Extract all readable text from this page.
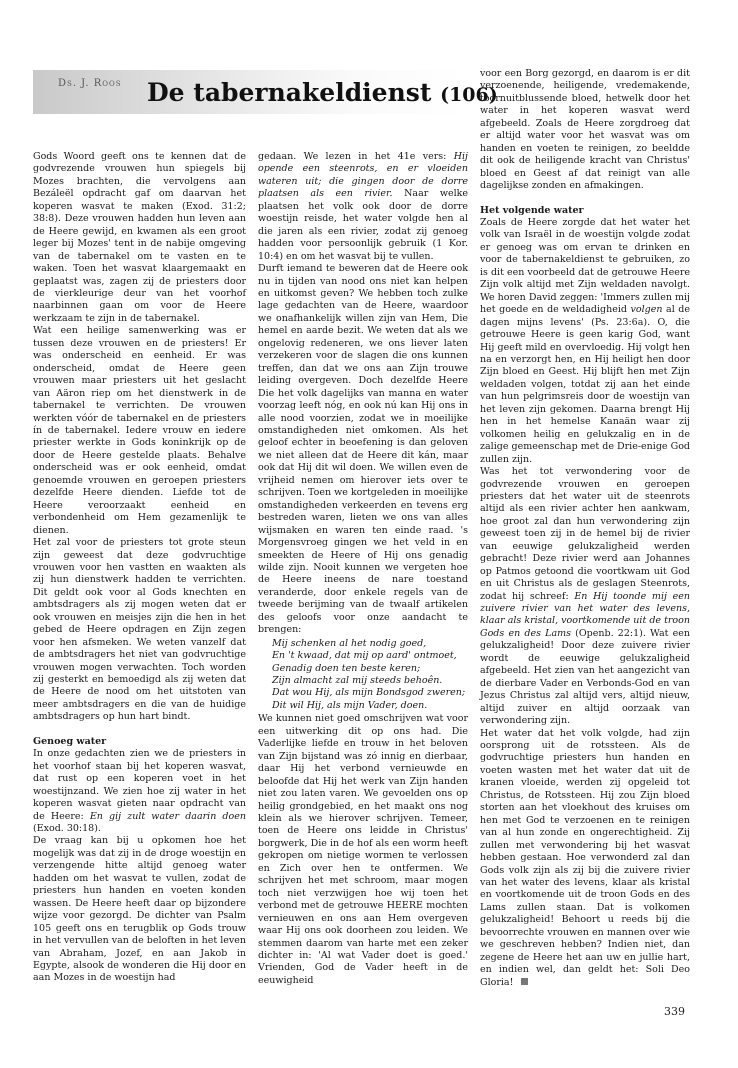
Ds. J. Roos De tabernakeldienst (106)

Gods Woord geeft ons te kennen dat de godvrezende vrouwen hun spiegels bij Mozes brachten, die vervolgens aan Bezáleël opdracht gaf om daarvan het koperen wasvat te maken (Exod. 31:2; 38:8). Deze vrouwen hadden hun leven aan de Heere gewijd, en kwamen als een groot leger bij Mozes' tent in de nabije omgeving van de tabernakel om te vasten en te waken. Toen het wasvat klaargemaakt en geplaatst was, zagen zij de priesters door de vierkleurige deur van het voorhof naarbinnen gaan om voor de Heere werkzaam te zijn in de tabernakel.

Wat een heilige samenwerking was er tussen deze vrouwen en de priesters! Er was onderscheid en eenheid. Er was onderscheid, omdat de Heere geen vrouwen maar priesters uit het geslacht van Aäron riep om het dienstwerk in de tabernakel te verrichten. De vrouwen werkten vóór de tabernakel en de priesters ín de tabernakel. Iedere vrouw en iedere priester werkte in Gods koninkrijk op de door de Heere gestelde plaats. Behalve onderscheid was er ook eenheid, omdat genoemde vrouwen en geroepen priesters dezelfde Heere dienden. Liefde tot de Heere veroorzaakt eenheid en verbondenheid om Hem gezamenlijk te dienen.

Het zal voor de priesters tot grote steun zijn geweest dat deze godvruchtige vrouwen voor hen vastten en waakten als zij hun dienstwerk hadden te verrichten. Dit geldt ook voor al Gods knechten en ambtsdragers als zij mogen weten dat er ook vrouwen en meisjes zijn die hen in het gebed de Heere opdragen en Zijn zegen voor hen afsmeken. We weten vanzelf dat de ambtsdragers het niet van godvruchtige vrouwen mogen verwachten. Toch worden zij gesterkt en bemoedigd als zij weten dat de Heere de nood om het uitstoten van meer ambtsdragers en die van de huidige ambtsdragers op hun hart bindt.

Genoeg water

In onze gedachten zien we de priesters in het voorhof staan bij het koperen wasvat, dat rust op een koperen voet in het woestijnzand. We zien hoe zij water in het koperen wasvat gieten naar opdracht van de Heere: En gij zult water daarin doen (Exod. 30:18).

De vraag kan bij u opkomen hoe het mogelijk was dat zij in de droge woestijn en verzengende hitte altijd genoeg water hadden om het wasvat te vullen, zodat de priesters hun handen en voeten konden wassen. De Heere heeft daar op bijzondere wijze voor gezorgd. De dichter van Psalm 105 geeft ons en terugblik op Gods trouw in het vervullen van de beloften in het leven van Abraham, Jozef, en aan Jakob in Egypte, alsook de wonderen die Hij door en aan Mozes in de woestijn had

gedaan. We lezen in het 41e vers: Hij opende een steenrots, en er vloeiden wateren uit; die gingen door de dorre plaatsen als een rivier. Naar welke plaatsen het volk ook door de dorre woestijn reisde, het water volgde hen al die jaren als een rivier, zodat zij genoeg hadden voor persoonlijk gebruik (1 Kor. 10:4) en om het wasvat bij te vullen.

Durft iemand te beweren dat de Heere ook nu in tijden van nood ons niet kan helpen en uitkomst geven? We hebben toch zulke lage gedachten van de Heere, waardoor we onafhankelijk willen zijn van Hem, Die hemel en aarde bezit. We weten dat als we ongelovig redeneren, we ons liever laten verzekeren voor de slagen die ons kunnen treffen, dan dat we ons aan Zijn trouwe leiding overgeven. Doch dezelfde Heere Die het volk dagelijks van manna en water voorzag leeft nóg, en ook nú kan Hij ons in alle nood voorzien, zodat we in moeilijke omstandigheden niet omkomen. Als het geloof echter in beoefening is dan geloven we niet alleen dat de Heere dit kán, maar ook dat Hij dit wil doen. We willen even de vrijheid nemen om hierover iets over te schrijven. Toen we kortgeleden in moeilijke omstandigheden verkeerden en tevens erg bestreden waren, lieten we ons van alles wijsmaken en waren ten einde raad. 's Morgensvroeg gingen we het veld in en smeekten de Heere of Hij ons genadig wilde zijn. Nooit kunnen we vergeten hoe de Heere ineens de nare toestand veranderde, door enkele regels van de tweede berijming van de twaalf artikelen des geloofs voor onze aandacht te brengen:

Mij schenken al het nodig goed,
En 't kwaad, dat mij op aard' ontmoet,
Genadig doen ten beste keren;
Zijn almacht zal mij steeds behoên.
Dat wou Hij, als mijn Bondsgod zweren;
Dit wil Hij, als mijn Vader, doen.

We kunnen niet goed omschrijven wat voor een uitwerking dit op ons had. Die Vaderlijke liefde en trouw in het beloven van Zijn bijstand was zó innig en dierbaar, daar Hij het verbond vernieuwde en beloofde dat Hij het werk van Zijn handen niet zou laten varen. We gevoelden ons op heilig grondgebied, en het maakt ons nog klein als we hierover schrijven. Temeer, toen de Heere ons leidde in Christus' borgwerk, Die in de hof als een worm heeft gekropen om nietige wormen te verlossen en Zich over hen te ontfermen. We schrijven het met schroom, maar mogen toch niet verzwijgen hoe wij toen het verbond met de getrouwe HEERE mochten vernieuwen en ons aan Hem overgeven waar Hij ons ook doorheen zou leiden. We stemmen daarom van harte met een zeker dichter in: 'Al wat Vader doet is goed.' Vrienden, God de Vader heeft in de eeuwigheid

voor een Borg gezorgd, en daarom is er dit verzoenende, heiligende, vredemakende, toornuitblussende bloed, hetwelk door het water in het koperen wasvat werd afgebeeld. Zoals de Heere zorgdroeg dat er altijd water voor het wasvat was om handen en voeten te reinigen, zo beeldde dit ook de heiligende kracht van Christus' bloed en Geest af dat reinigt van alle dagelijkse zonden en afmakingen.

Het volgende water

Zoals de Heere zorgde dat het water het volk van Israël in de woestijn volgde zodat er genoeg was om ervan te drinken en voor de tabernakeldienst te gebruiken, zo is dit een voorbeeld dat de getrouwe Heere Zijn volk altijd met Zijn weldaden navolgt. We horen David zeggen: 'Immers zullen mij het goede en de weldadigheid volgen al de dagen mijns levens' (Ps. 23:6a). O, die getrouwe Heere is geen karig God, want Hij geeft mild en overvloedig. Hij volgt hen na en verzorgt hen, en Hij heiligt hen door Zijn bloed en Geest. Hij blijft hen met Zijn weldaden volgen, totdat zij aan het einde van hun pelgrimsreis door de woestijn van het leven zijn gekomen. Daarna brengt Hij hen in het hemelse Kanaän waar zij volkomen heilig en gelukzalig en in de zalige gemeenschap met de Drie-enige God zullen zijn.

Was het tot verwondering voor de godvrezende vrouwen en geroepen priesters dat het water uit de steenrots altijd als een rivier achter hen aankwam, hoe groot zal dan hun verwondering zijn geweest toen zij in de hemel bij de rivier van eeuwige gelukzaligheid werden gebracht! Deze rivier werd aan Johannes op Patmos getoond die voortkwam uit God en uit Christus als de geslagen Steenrots, zodat hij schreef: En Hij toonde mij een zuivere rivier van het water des levens, klaar als kristal, voortkomende uit de troon Gods en des Lams (Openb. 22:1). Wat een gelukzaligheid! Door deze zuivere rivier wordt de eeuwige gelukzaligheid afgebeeld. Het zien van het aangezicht van de dierbare Vader en Verbonds-God en van Jezus Christus zal altijd vers, altijd nieuw, altijd zuiver en altijd oorzaak van verwondering zijn.

Het water dat het volk volgde, had zijn oorsprong uit de rotssteen. Als de godvruchtige priesters hun handen en voeten wasten met het water dat uit de kranen vloeide, werden zij opgeleid tot Christus, de Rotssteen. Hij zou Zijn bloed storten aan het vloekhout des kruises om hen met God te verzoenen en te reinigen van al hun zonde en ongerechtigheid. Zij zullen met verwondering bij het wasvat hebben gestaan. Hoe verwonderd zal dan Gods volk zijn als zij bij die zuivere rivier van het water des levens, klaar als kristal en voortkomende uit de troon Gods en des Lams zullen staan. Dat is volkomen gelukzaligheid! Behoort u reeds bij die bevoorrechte vrouwen en mannen over wie we geschreven hebben? Indien niet, dan zegene de Heere het aan uw en jullie hart, en indien wel, dan geldt het: Soli Deo Gloria!

339
